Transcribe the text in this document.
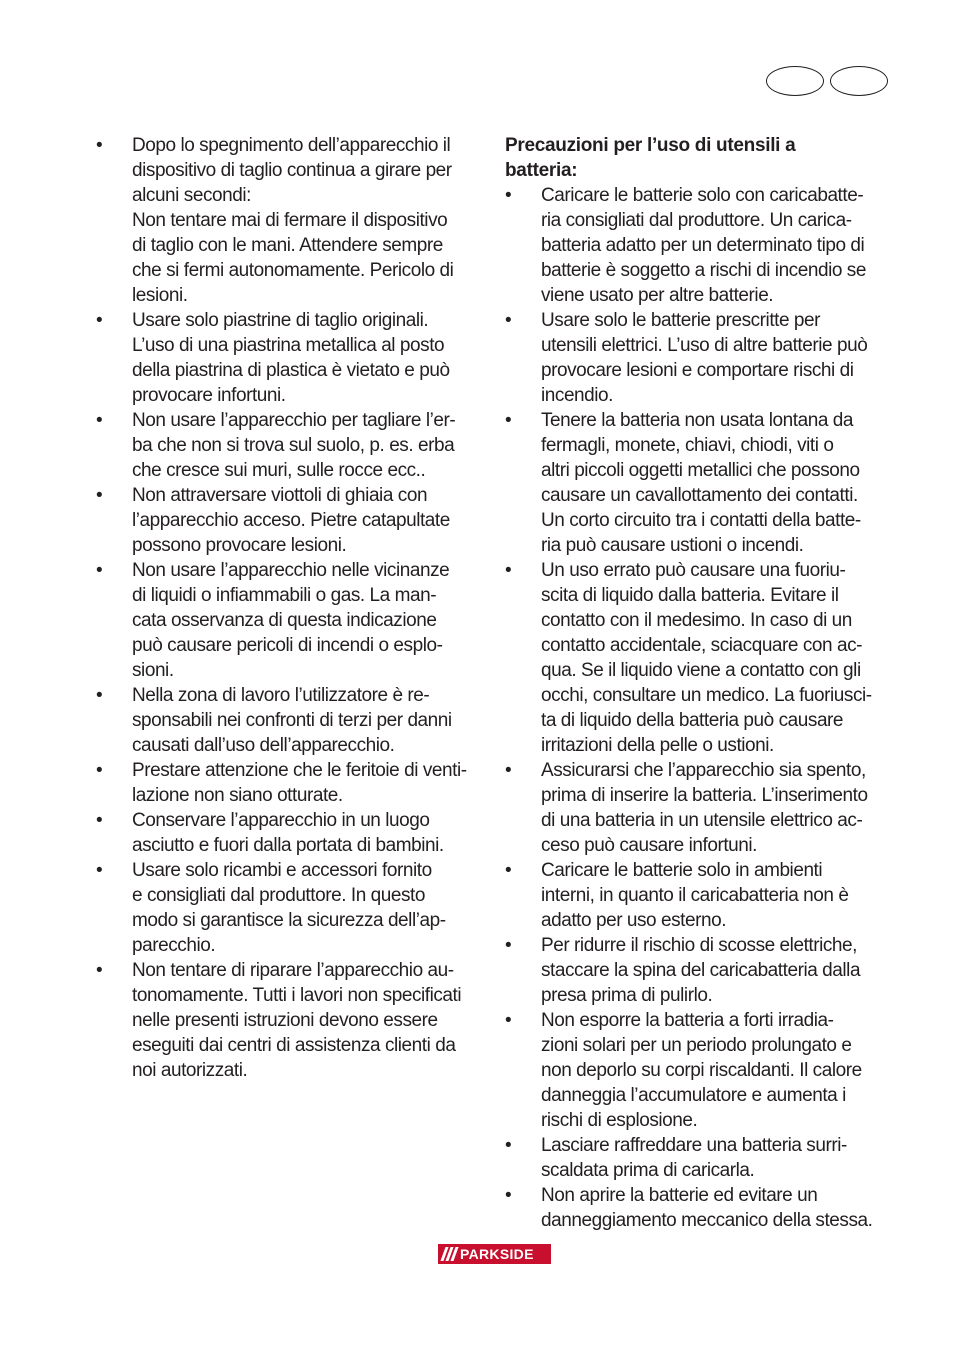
•	Dopo lo spegnimento dell’apparecchio il
dispositivo di taglio continua a girare per
alcuni secondi:
Non tentare mai di fermare il dispositivo
di taglio con le mani. Attendere sempre
che si fermi autonomamente. Pericolo di
lesioni.
•	Usare solo piastrine di taglio originali.
L’uso di una piastrina metallica al posto
della piastrina di plastica è vietato e può
provocare infortuni.
•	Non usare l’apparecchio per tagliare l’er-
ba che non si trova sul suolo, p. es. erba
che cresce sui muri, sulle rocce ecc..
•	Non attraversare viottoli di ghiaia con
l’apparecchio acceso. Pietre catapultate
possono provocare lesioni.
•	Non usare l’apparecchio nelle vicinanze
di liquidi o infiammabili o gas. La man-
cata osservanza di questa indicazione
può causare pericoli di incendi o esplo-
sioni.
•	Nella zona di lavoro l’utilizzatore è re-
sponsabili nei confronti di terzi per danni
causati dall’uso dell’apparecchio.
•	Prestare attenzione che le feritoie di venti-
lazione non siano otturate.
•	Conservare l’apparecchio in un luogo
asciutto e fuori dalla portata di bambini.
•	Usare solo ricambi e accessori fornito
e consigliati dal produttore. In questo
modo si garantisce la sicurezza dell’ap-
parecchio.
•	Non tentare di riparare l’apparecchio au-
tonomamente. Tutti i lavori non specificati
nelle presenti istruzioni devono essere
eseguiti dai centri di assistenza clienti da
noi autorizzati.
Precauzioni per l’uso di utensili a
batteria:
•	Caricare le batterie solo con caricabatte-
ria consigliati dal produttore. Un carica-
batteria adatto per un determinato tipo di
batterie è soggetto a rischi di incendio se
viene usato per altre batterie.
•	Usare solo le batterie prescritte per
utensili elettrici. L’uso di altre batterie può
provocare lesioni e comportare rischi di
incendio.
•	Tenere la batteria non usata lontana da
fermagli, monete, chiavi, chiodi, viti o
altri piccoli oggetti metallici che possono
causare un cavallottamento dei contatti.
Un corto circuito tra i contatti della batte-
ria può causare ustioni o incendi.
•	Un uso errato può causare una fuoriu-
scita di liquido dalla batteria. Evitare il
contatto con il medesimo. In caso di un
contatto accidentale, sciacquare con ac-
qua. Se il liquido viene a contatto con gli
occhi, consultare un medico. La fuoriusci-
ta di liquido della batteria può causare
irritazioni della pelle o ustioni.
•	Assicurarsi che l’apparecchio sia spento,
prima di inserire la batteria. L’inserimento
di una batteria in un utensile elettrico ac-
ceso può causare infortuni.
•	Caricare le batterie solo in ambienti
interni, in quanto il caricabatteria non è
adatto per uso esterno.
•	Per ridurre il rischio di scosse elettriche,
staccare la spina del caricabatteria dalla
presa prima di pulirlo.
•	Non esporre la batteria a forti irradia-
zioni solari per un periodo prolungato e
non deporlo su corpi riscaldanti. Il calore
danneggia l’accumulatore e aumenta i
rischi di esplosione.
•	Lasciare raffreddare una batteria surri-
scaldata prima di caricarla.
•	Non aprire la batterie ed evitare un
danneggiamento meccanico della stessa.
PARKSIDE
